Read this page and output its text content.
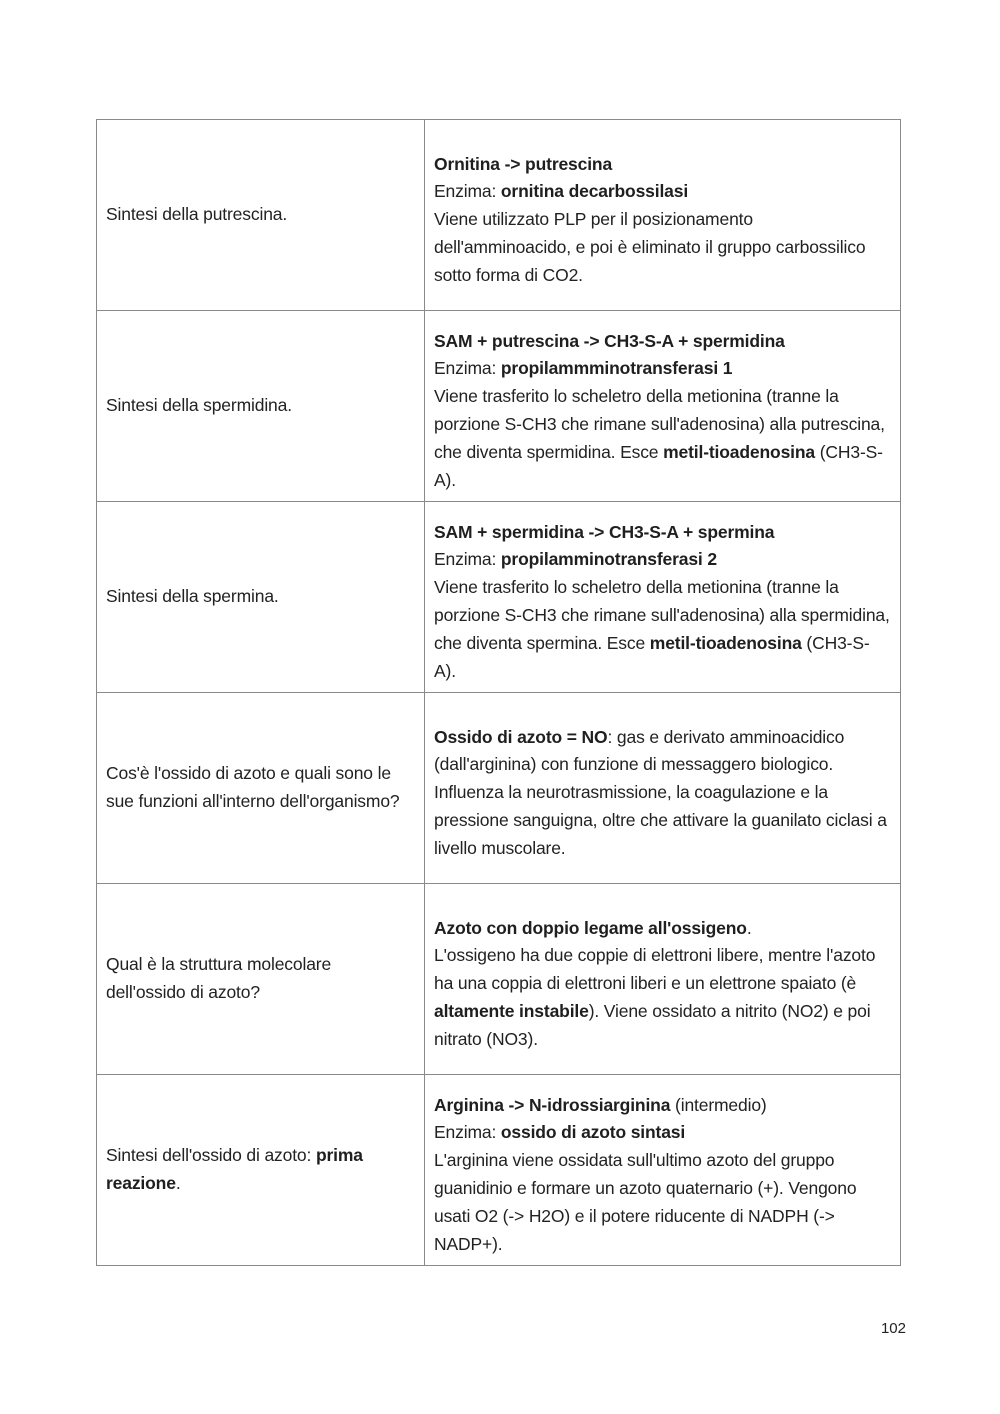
Sintesi della putrescina.	Ornitina -> putrescina
Enzima: ornitina decarbossilasi
Viene utilizzato PLP per il posizionamento dell'amminoacido, e poi è eliminato il gruppo carbossilico sotto forma di CO2.

Sintesi della spermidina.	SAM + putrescina -> CH3-S-A + spermidina
Enzima: propilammminotransferasi 1
Viene trasferito lo scheletro della metionina (tranne la porzione S-CH3 che rimane sull'adenosina) alla putrescina, che diventa spermidina. Esce metil-tioadenosina (CH3-S-A).

Sintesi della spermina.	SAM + spermidina -> CH3-S-A + spermina
Enzima: propilamminotransferasi 2
Viene trasferito lo scheletro della metionina (tranne la porzione S-CH3 che rimane sull'adenosina) alla spermidina, che diventa spermina. Esce metil-tioadenosina (CH3-S-A).

Cos'è l'ossido di azoto e quali sono le sue funzioni all'interno dell'organismo?	Ossido di azoto = NO: gas e derivato amminoacidico (dall'arginina) con funzione di messaggero biologico. Influenza la neurotrasmissione, la coagulazione e la pressione sanguigna, oltre che attivare la guanilato ciclasi a livello muscolare.

Qual è la struttura molecolare dell'ossido di azoto?	Azoto con doppio legame all'ossigeno.
L'ossigeno ha due coppie di elettroni libere, mentre l'azoto ha una coppia di elettroni liberi e un elettrone spaiato (è altamente instabile). Viene ossidato a nitrito (NO2) e poi nitrato (NO3).

Sintesi dell'ossido di azoto: prima reazione.	Arginina -> N-idrossiarginina (intermedio)
Enzima: ossido di azoto sintasi
L'arginina viene ossidata sull'ultimo azoto del gruppo guanidinio e formare un azoto quaternario (+). Vengono usati O2 (-> H2O) e il potere riducente di NADPH (-> NADP+).
102
